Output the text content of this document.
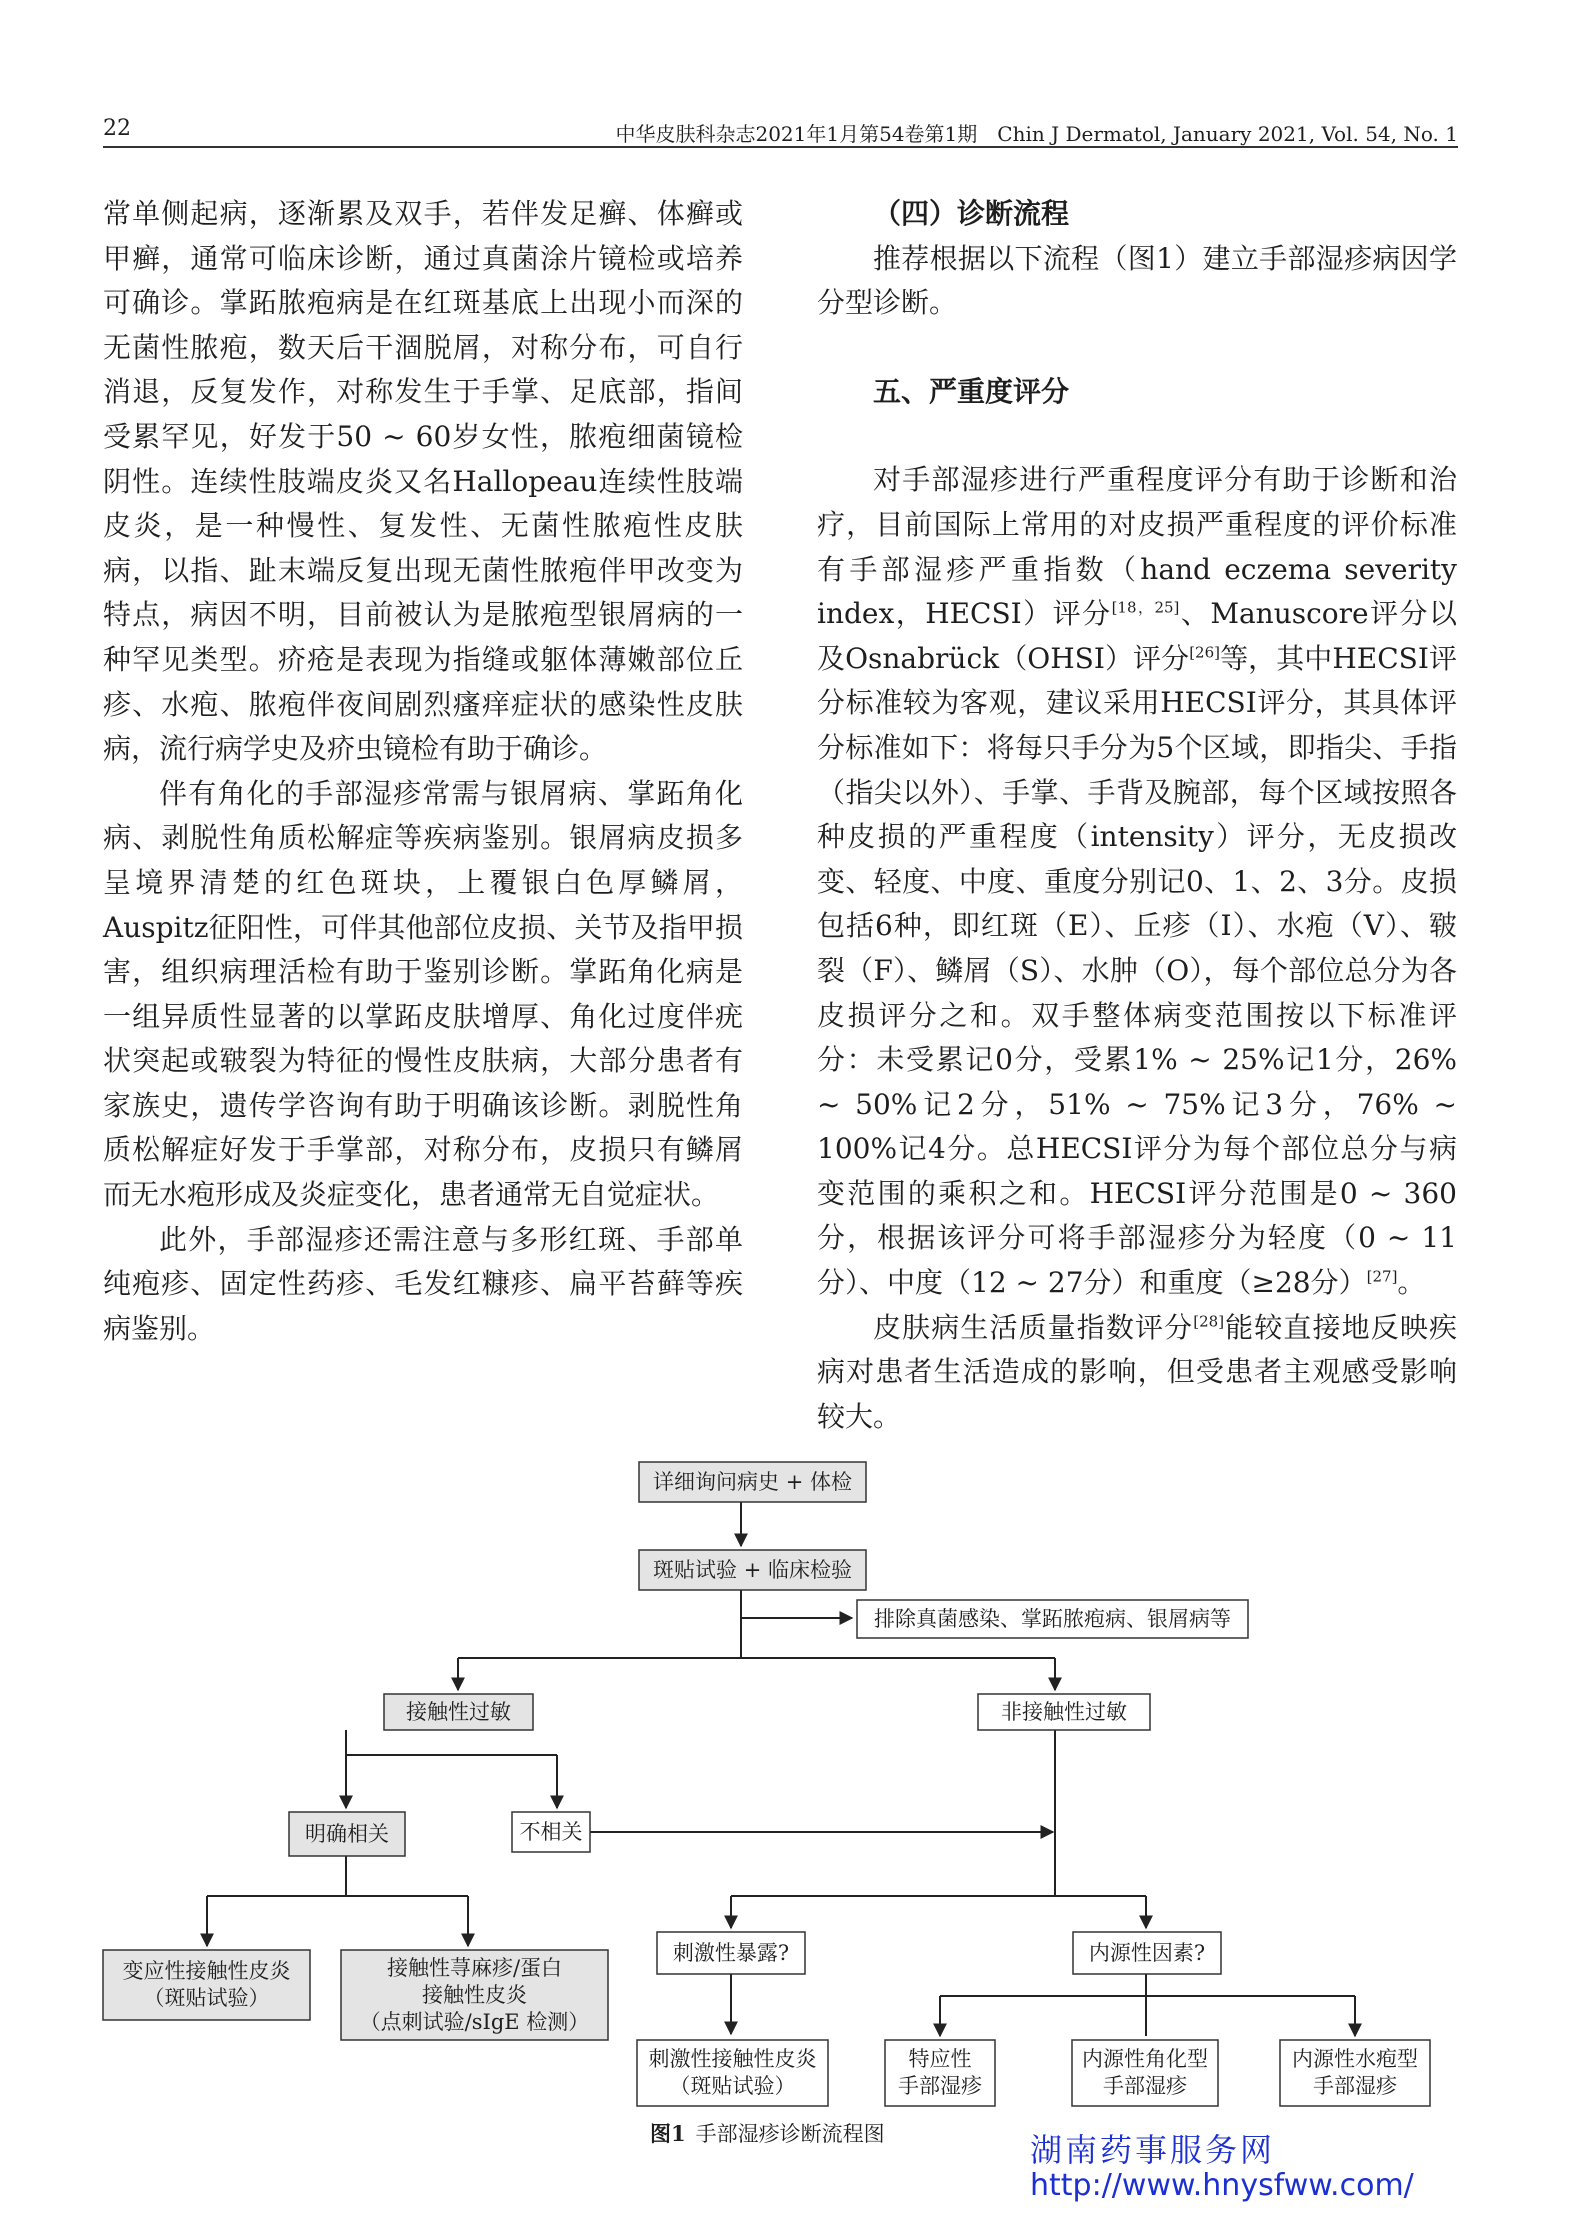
22	中华皮肤科杂志2021年1月第54卷第1期　Chin J Dermatol, January 2021, Vol. 54, No. 1

常单侧起病，逐渐累及双手，若伴发足癣、体癣或甲癣，通常可临床诊断，通过真菌涂片镜检或培养可确诊。掌跖脓疱病是在红斑基底上出现小而深的无菌性脓疱，数天后干涸脱屑，对称分布，可自行消退，反复发作，对称发生于手掌、足底部，指间受累罕见，好发于50 ~ 60岁女性，脓疱细菌镜检阴性。连续性肢端皮炎又名Hallopeau连续性肢端皮炎，是一种慢性、复发性、无菌性脓疱性皮肤病，以指、趾末端反复出现无菌性脓疱伴甲改变为特点，病因不明，目前被认为是脓疱型银屑病的一种罕见类型。疥疮是表现为指缝或躯体薄嫩部位丘疹、水疱、脓疱伴夜间剧烈瘙痒症状的感染性皮肤病，流行病学史及疥虫镜检有助于确诊。

伴有角化的手部湿疹常需与银屑病、掌跖角化病、剥脱性角质松解症等疾病鉴别。银屑病皮损多呈境界清楚的红色斑块，上覆银白色厚鳞屑，Auspitz征阳性，可伴其他部位皮损、关节及指甲损害，组织病理活检有助于鉴别诊断。掌跖角化病是一组异质性显著的以掌跖皮肤增厚、角化过度伴疣状突起或皲裂为特征的慢性皮肤病，大部分患者有家族史，遗传学咨询有助于明确该诊断。剥脱性角质松解症好发于手掌部，对称分布，皮损只有鳞屑而无水疱形成及炎症变化，患者通常无自觉症状。

此外，手部湿疹还需注意与多形红斑、手部单纯疱疹、固定性药疹、毛发红糠疹、扁平苔藓等疾病鉴别。

（四）诊断流程

推荐根据以下流程（图1）建立手部湿疹病因学分型诊断。

五、严重度评分

对手部湿疹进行严重程度评分有助于诊断和治疗，目前国际上常用的对皮损严重程度的评价标准有手部湿疹严重指数（hand eczema severity index，HECSI）评分[18，25]、Manuscore评分以及Osnabrück（OHSI）评分[26]等，其中HECSI评分标准较为客观，建议采用HECSI评分，其具体评分标准如下：将每只手分为5个区域，即指尖、手指（指尖以外）、手掌、手背及腕部，每个区域按照各种皮损的严重程度（intensity）评分，无皮损改变、轻度、中度、重度分别记0、1、2、3分。皮损包括6种，即红斑（E）、丘疹（I）、水疱（V）、皲裂（F）、鳞屑（S）、水肿（O），每个部位总分为各皮损评分之和。双手整体病变范围按以下标准评分：未受累记0分，受累1% ~ 25%记1分，26% ~ 50%记2分，51% ~ 75%记3分，76% ~ 100%记4分。总HECSI评分为每个部位总分与病变范围的乘积之和。HECSI评分范围是0 ~ 360分，根据该评分可将手部湿疹分为轻度（0 ~ 11分）、中度（12 ~ 27分）和重度（≥28分）[27]。

皮肤病生活质量指数评分[28]能较直接地反映疾病对患者生活造成的影响，但受患者主观感受影响较大。

详细询问病史 + 体检
斑贴试验 + 临床检验
排除真菌感染、掌跖脓疱病、银屑病等
接触性过敏	非接触性过敏
明确相关	不相关
变应性接触性皮炎
（斑贴试验）
接触性荨麻疹/蛋白
接触性皮炎
（点刺试验/sIgE 检测）
刺激性暴露?	内源性因素?
刺激性接触性皮炎
（斑贴试验）
特应性
手部湿疹
内源性角化型
手部湿疹
内源性水疱型
手部湿疹
图1 手部湿疹诊断流程图	湖南药事服务网
http://www.hnysfww.com/
